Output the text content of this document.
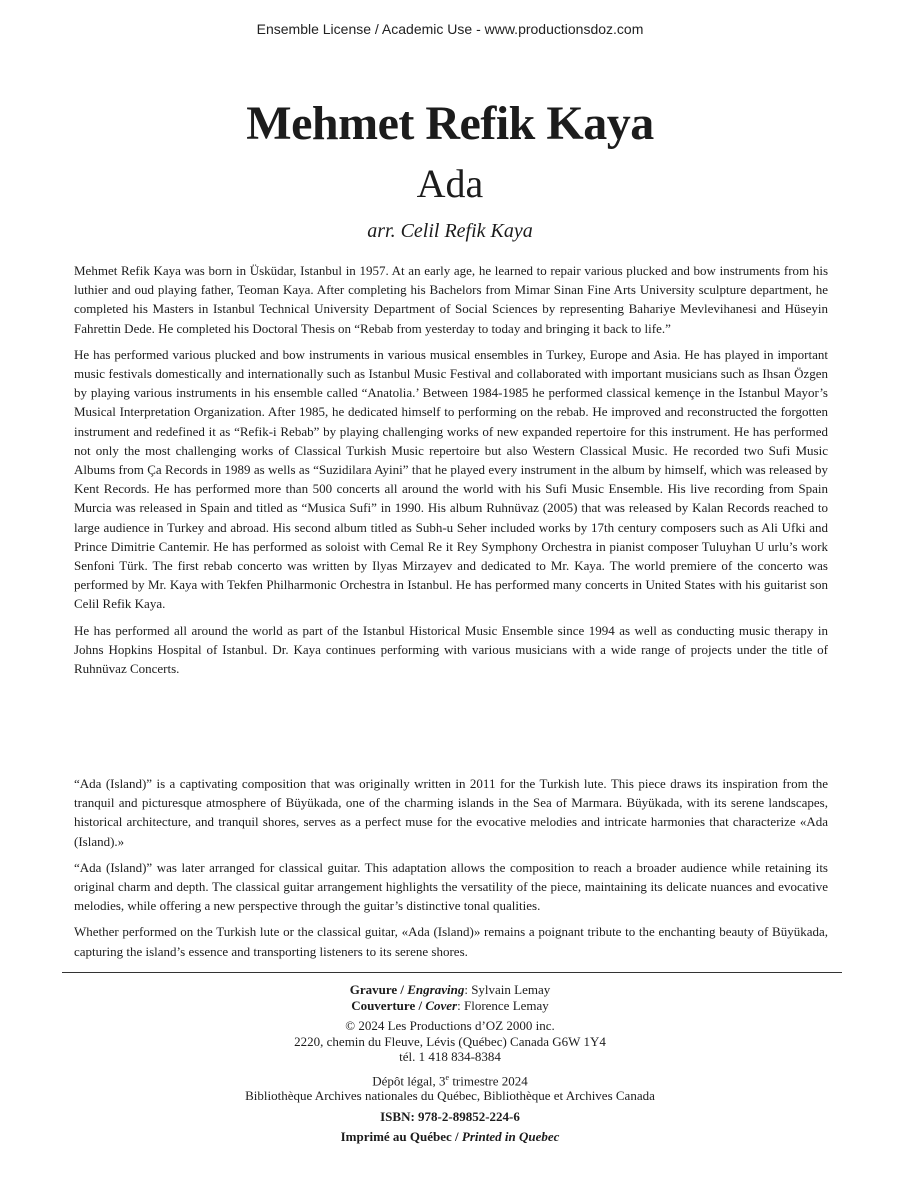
Ensemble License / Academic Use - www.productionsdoz.com
Mehmet Refik Kaya
Ada
arr. Celil Refik Kaya

Mehmet Refik Kaya was born in Üsküdar, Istanbul in 1957. At an early age, he learned to repair various plucked and bow instruments from his luthier and oud playing father, Teoman Kaya. After completing his Bachelors from Mimar Sinan Fine Arts University sculpture department, he completed his Masters in Istanbul Technical University Department of Social Sciences by representing Bahariye Mevlevihanesi and Hüseyin Fahrettin Dede. He completed his Doctoral Thesis on “Rebab from yesterday to today and bringing it back to life.”

He has performed various plucked and bow instruments in various musical ensembles in Turkey, Europe and Asia. He has played in important music festivals domestically and internationally such as Istanbul Music Festival and collaborated with important musicians such as Ihsan Özgen by playing various instruments in his ensemble called “Anatolia.’ Between 1984-1985 he performed classical kemençe in the Istanbul Mayor’s Musical Interpretation Organization. After 1985, he dedicated himself to performing on the rebab. He improved and reconstructed the forgotten instrument and redefined it as “Refik-i Rebab” by playing challenging works of new expanded repertoire for this instrument. He has performed not only the most challenging works of Classical Turkish Music repertoire but also Western Classical Music. He recorded two Sufi Music Albums from Ça Records in 1989 as wells as “Suzidilara Ayini” that he played every instrument in the album by himself, which was released by Kent Records. He has performed more than 500 concerts all around the world with his Sufi Music Ensemble. His live recording from Spain Murcia was released in Spain and titled as “Musica Sufi” in 1990. His album Ruhnüvaz (2005) that was released by Kalan Records reached to large audience in Turkey and abroad. His second album titled as Subh-u Seher included works by 17th century composers such as Ali Ufki and Prince Dimitrie Cantemir. He has performed as soloist with Cemal Re it Rey Symphony Orchestra in pianist composer Tuluyhan U urlu’s work Senfoni Türk. The first rebab concerto was written by Ilyas Mirzayev and dedicated to Mr. Kaya. The world premiere of the concerto was performed by Mr. Kaya with Tekfen Philharmonic Orchestra in Istanbul. He has performed many concerts in United States with his guitarist son Celil Refik Kaya.

He has performed all around the world as part of the Istanbul Historical Music Ensemble since 1994 as well as conducting music therapy in Johns Hopkins Hospital of Istanbul. Dr. Kaya continues performing with various musicians with a wide range of projects under the title of Ruhnüvaz Concerts.

“Ada (Island)” is a captivating composition that was originally written in 2011 for the Turkish lute. This piece draws its inspiration from the tranquil and picturesque atmosphere of Büyükada, one of the charming islands in the Sea of Marmara. Büyükada, with its serene landscapes, historical architecture, and tranquil shores, serves as a perfect muse for the evocative melodies and intricate harmonies that characterize «Ada (Island).»

“Ada (Island)” was later arranged for classical guitar. This adaptation allows the composition to reach a broader audience while retaining its original charm and depth. The classical guitar arrangement highlights the versatility of the piece, maintaining its delicate nuances and evocative melodies, while offering a new perspective through the guitar’s distinctive tonal qualities.

Whether performed on the Turkish lute or the classical guitar, «Ada (Island)» remains a poignant tribute to the enchanting beauty of Büyükada, capturing the island’s essence and transporting listeners to its serene shores.

Gravure / Engraving: Sylvain Lemay
Couverture / Cover: Florence Lemay
© 2024 Les Productions d’OZ 2000 inc.
2220, chemin du Fleuve, Lévis (Québec) Canada G6W 1Y4
tél. 1 418 834-8384
Dépôt légal, 3e trimestre 2024
Bibliothèque Archives nationales du Québec, Bibliothèque et Archives Canada
ISBN: 978-2-89852-224-6
Imprimé au Québec / Printed in Quebec
